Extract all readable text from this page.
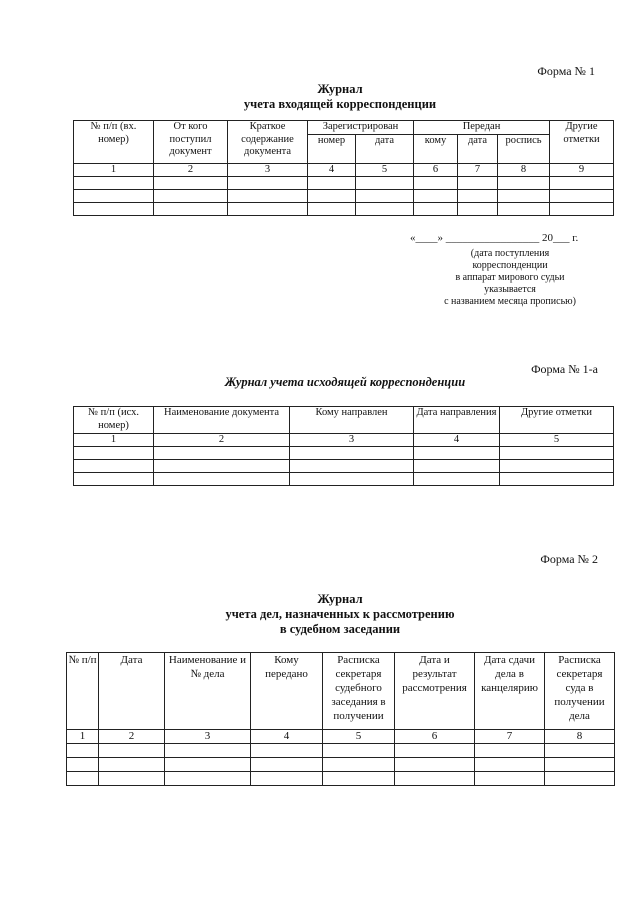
Форма № 1
Журнал
учета входящей корреспонденции
№ п/п (вх. номер)	От кого поступил документ	Краткое содержание документа	Зарегистрирован		Передан			Другие отметки
			номер	дата	кому	дата	роспись	
1	2	3	4	5	6	7	8	9

«____» _________________ 20___ г.
(дата поступления
корреспонденции
в аппарат мирового судьи
указывается
с названием месяца прописью)
Форма № 1-а
Журнал учета исходящей корреспонденции
№ п/п (исх. номер)	Наименование документа	Кому направлен	Дата направления	Другие отметки
1	2	3	4	5

Форма № 2
Журнал
учета дел, назначенных к рассмотрению
в судебном заседании
№ п/п	Дата	Наименование и № дела	Кому передано	Расписка секретаря судебного заседания в получении	Дата и результат рассмотрения	Дата сдачи дела в канцелярию	Расписка секретаря суда в получении дела
1	2	3	4	5	6	7	8
